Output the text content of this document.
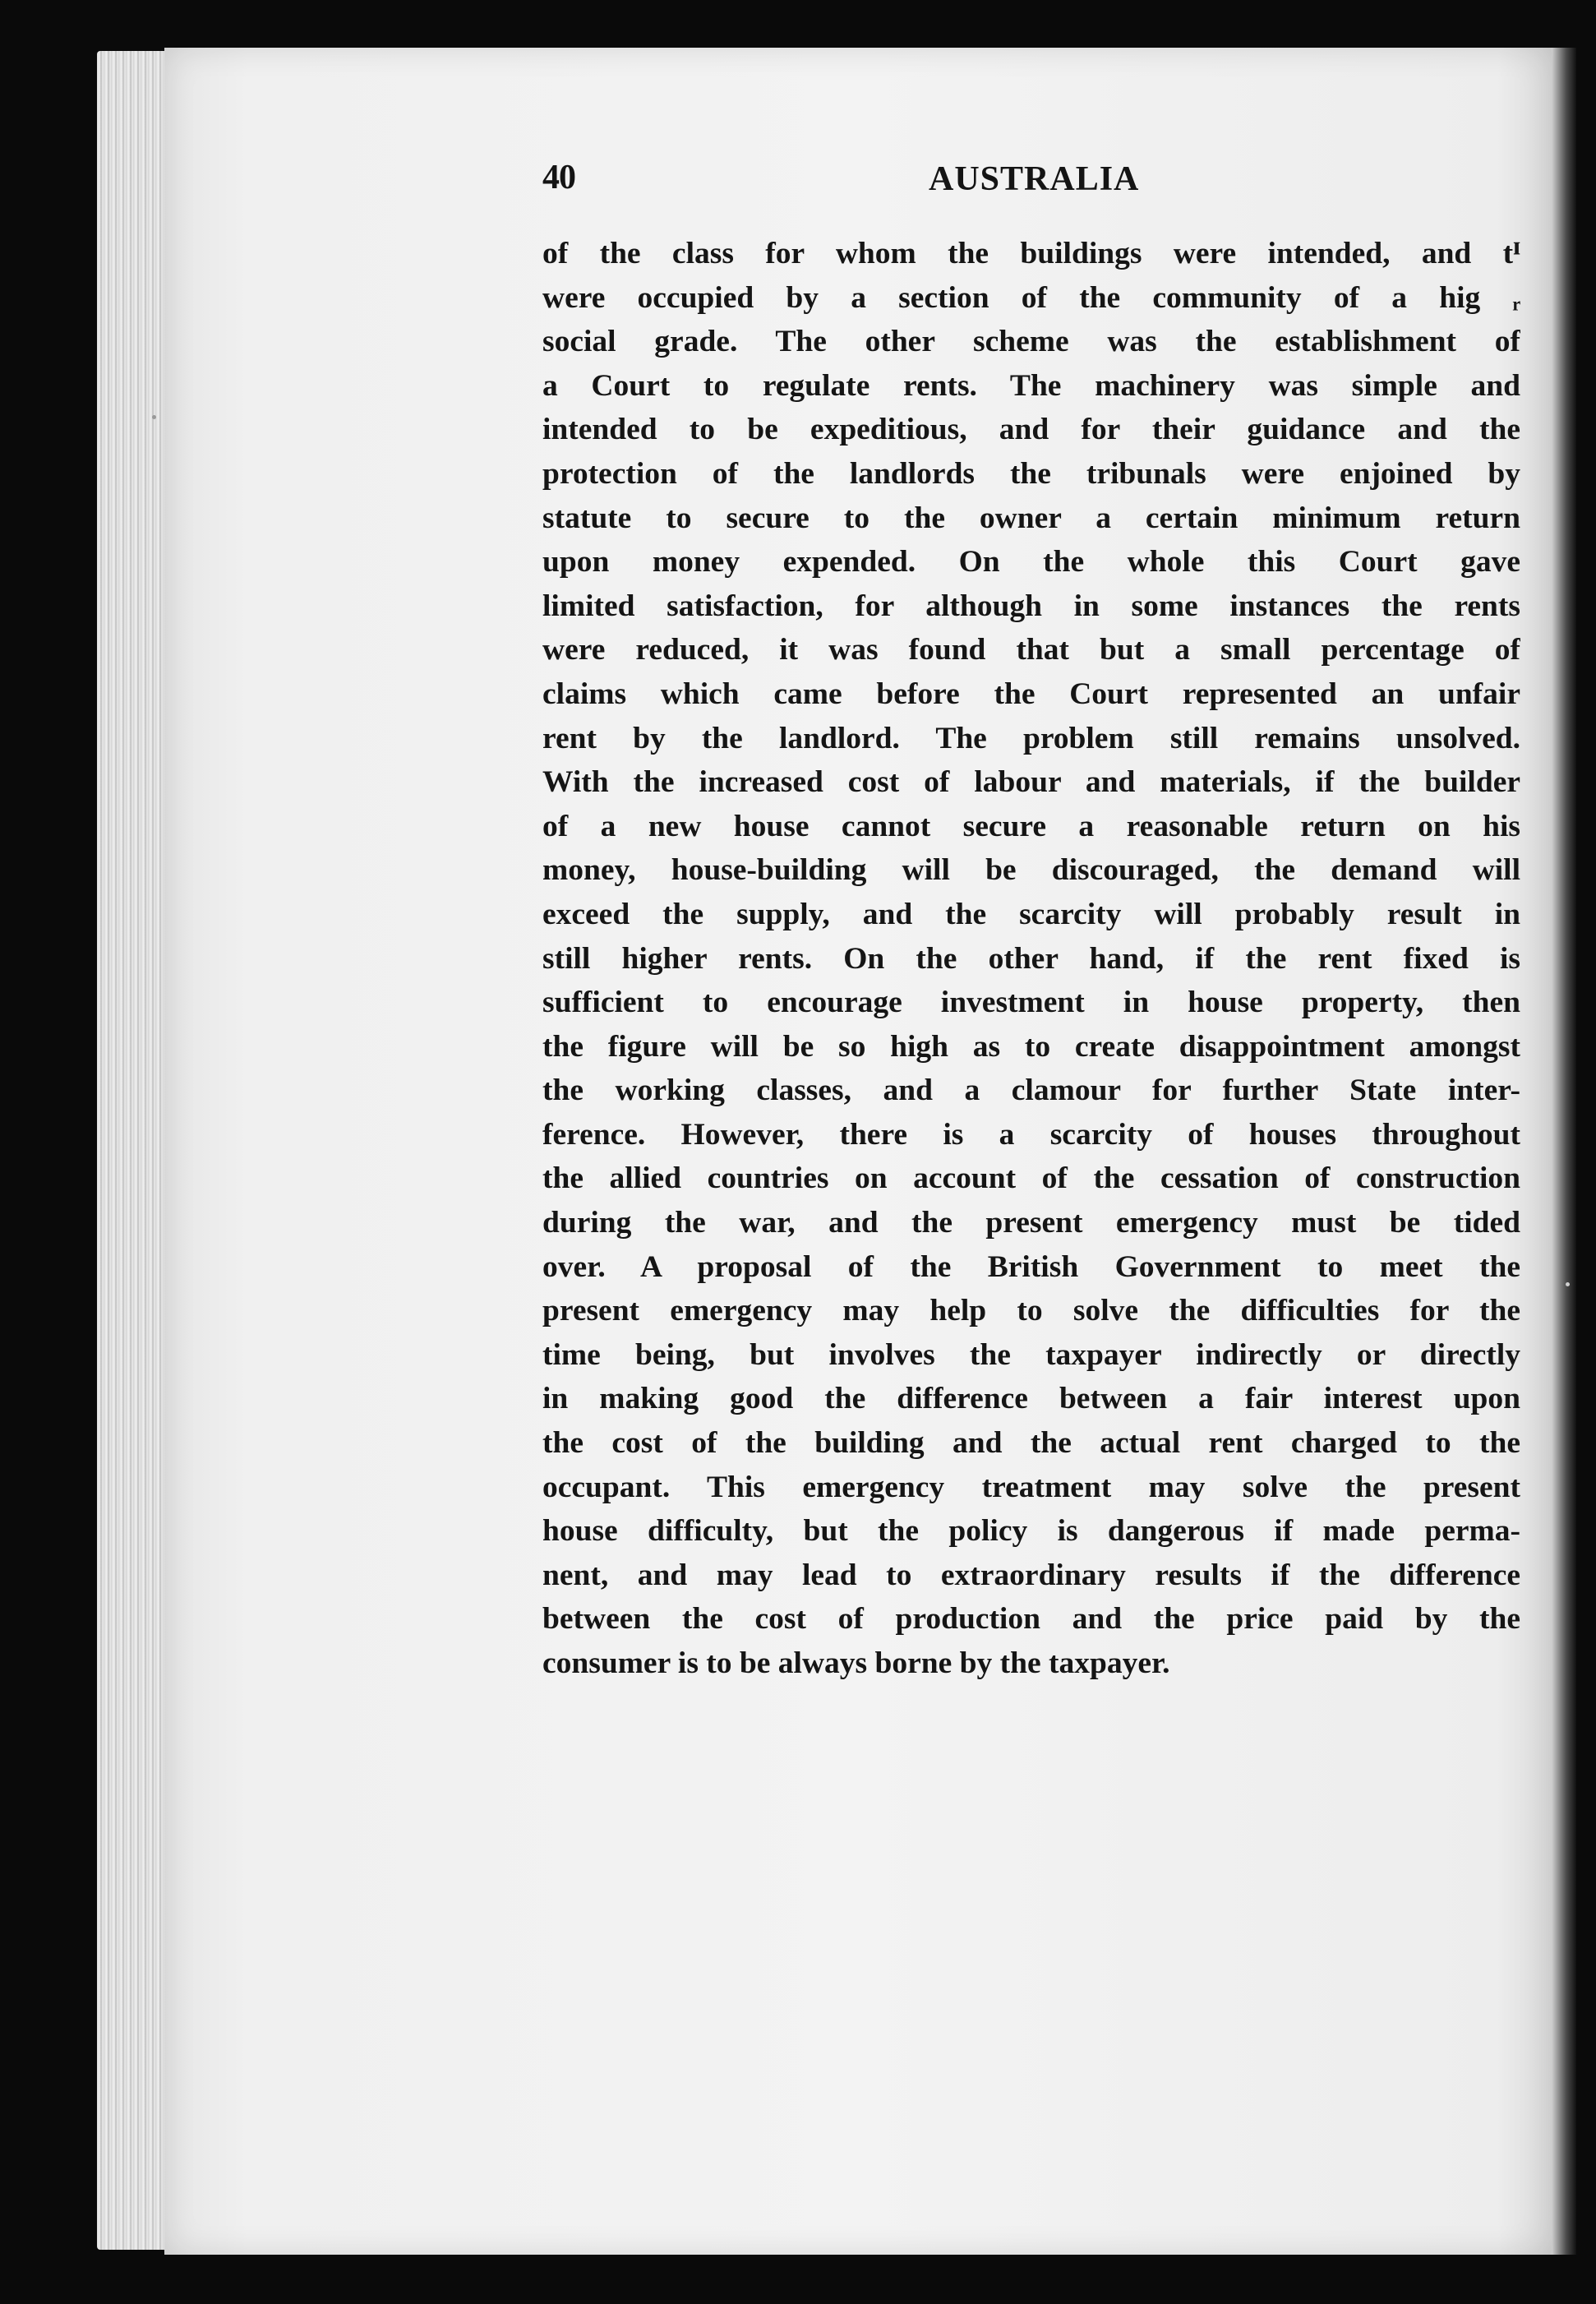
40	AUSTRALIA
of the class for whom the buildings were intended, and tᴵ
were occupied by a section of the community of a hig ᵣ
social grade. The other scheme was the establishment of
a Court to regulate rents. The machinery was simple and
intended to be expeditious, and for their guidance and the
protection of the landlords the tribunals were enjoined by
statute to secure to the owner a certain minimum return
upon money expended. On the whole this Court gave
limited satisfaction, for although in some instances the rents
were reduced, it was found that but a small percentage of
claims which came before the Court represented an unfair
rent by the landlord. The problem still remains unsolved.
With the increased cost of labour and materials, if the builder
of a new house cannot secure a reasonable return on his
money, house-building will be discouraged, the demand will
exceed the supply, and the scarcity will probably result in
still higher rents. On the other hand, if the rent fixed is
sufficient to encourage investment in house property, then
the figure will be so high as to create disappointment amongst
the working classes, and a clamour for further State inter-
ference. However, there is a scarcity of houses throughout
the allied countries on account of the cessation of construction
during the war, and the present emergency must be tided
over. A proposal of the British Government to meet the
present emergency may help to solve the difficulties for the
time being, but involves the taxpayer indirectly or directly
in making good the difference between a fair interest upon
the cost of the building and the actual rent charged to the
occupant. This emergency treatment may solve the present
house difficulty, but the policy is dangerous if made perma-
nent, and may lead to extraordinary results if the difference
between the cost of production and the price paid by the
consumer is to be always borne by the taxpayer.
